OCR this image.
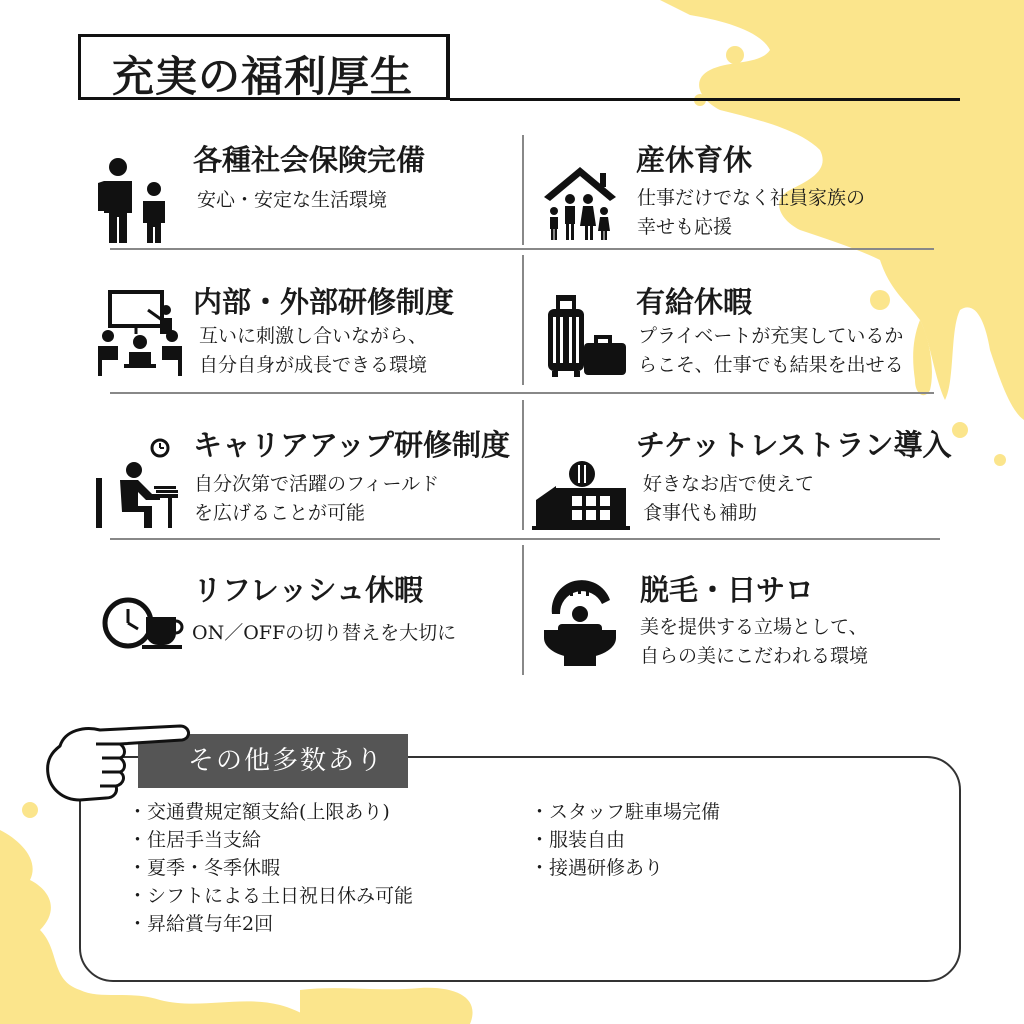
充実の福利厚生
各種社会保険完備
安心・安定な生活環境
産休育休
仕事だけでなく社員家族の
幸せも応援
内部・外部研修制度
互いに刺激し合いながら、
自分自身が成長できる環境
有給休暇
プライベートが充実しているか
らこそ、仕事でも結果を出せる
キャリアアップ研修制度
自分次第で活躍のフィールド
を広げることが可能
チケットレストラン導入
好きなお店で使えて
食事代も補助
リフレッシュ休暇
ON／OFFの切り替えを大切に
脱毛・日サロ
美を提供する立場として、
自らの美にこだわれる環境
その他多数あり
・交通費規定額支給(上限あり)
・住居手当支給
・夏季・冬季休暇
・シフトによる土日祝日休み可能
・昇給賞与年2回
・スタッフ駐車場完備
・服装自由
・接遇研修あり
